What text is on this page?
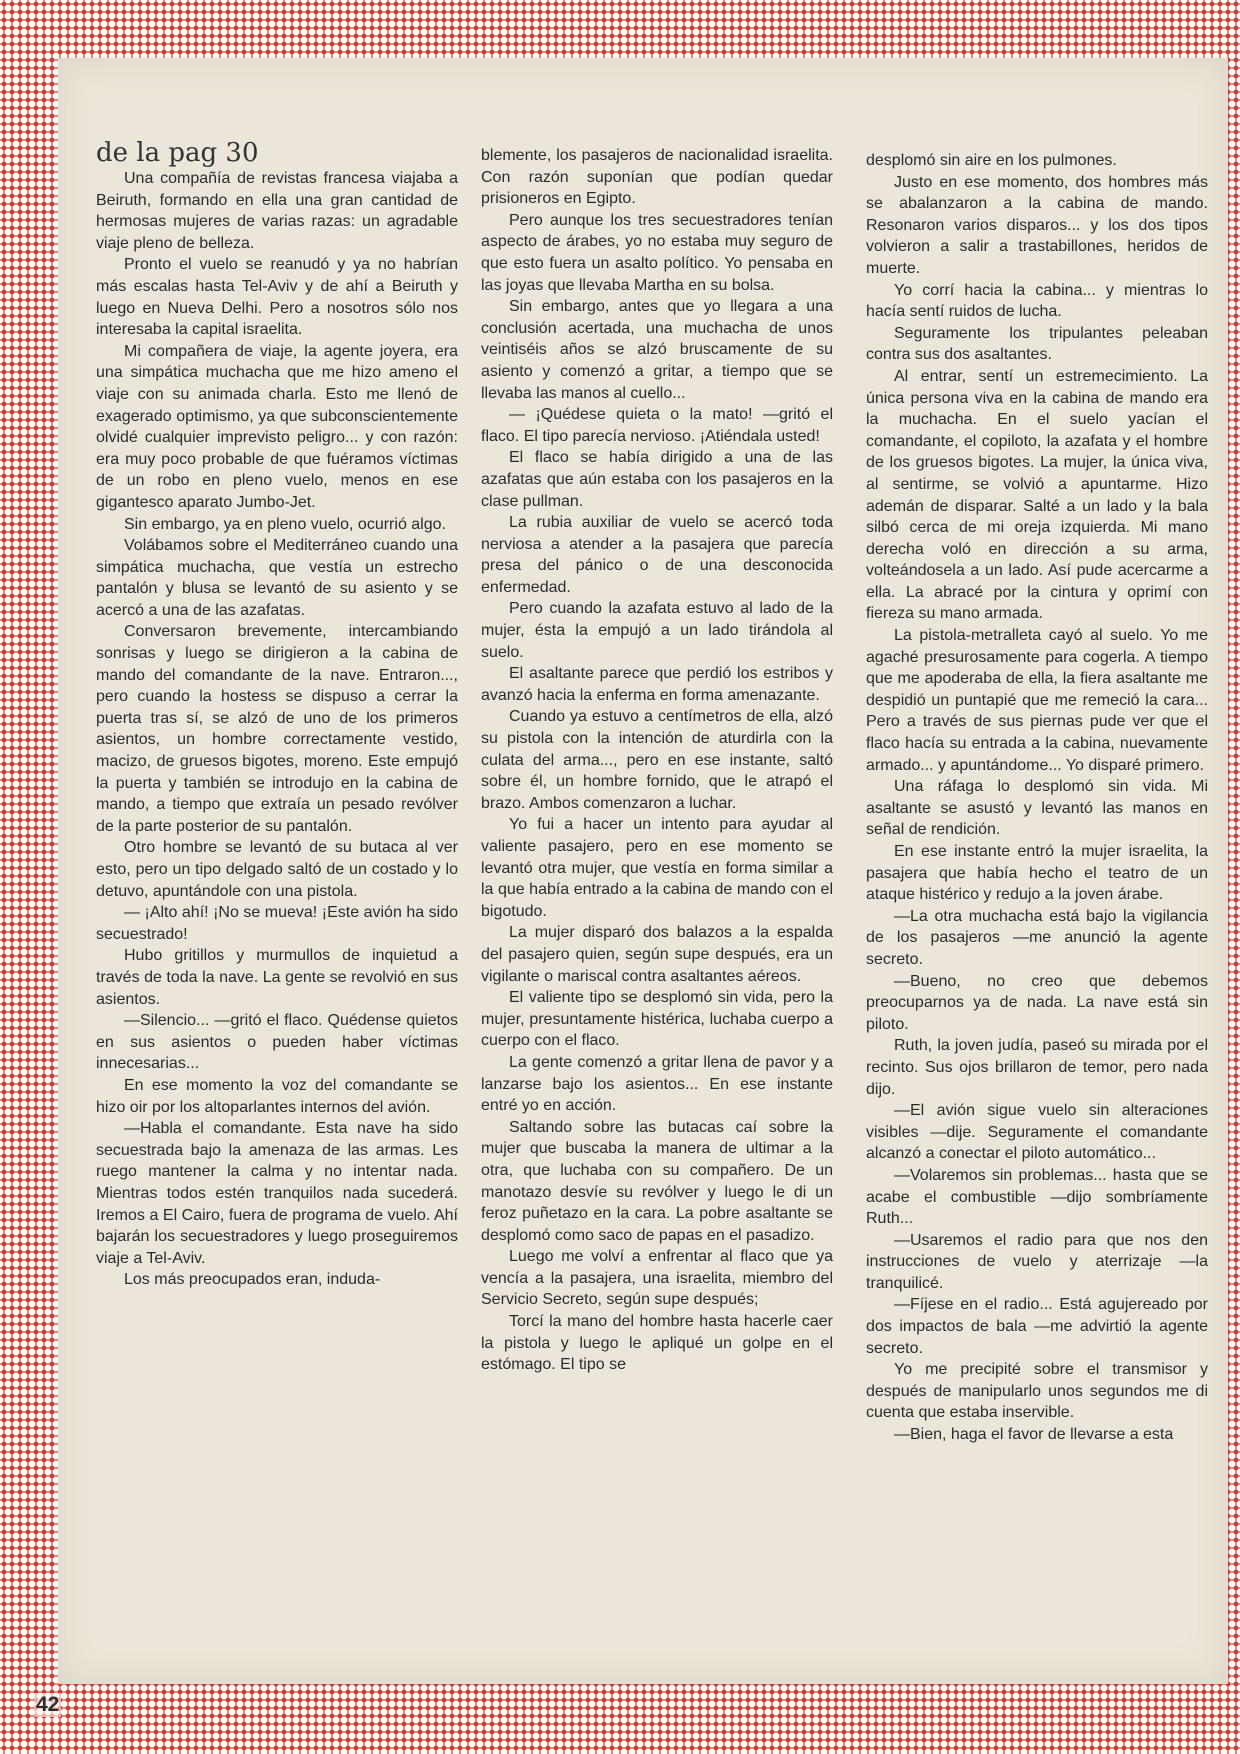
de la pag 30

Una compañía de revistas francesa viajaba a Beiruth, formando en ella una gran cantidad de hermosas mujeres de varias razas: un agradable viaje pleno de belleza.

Pronto el vuelo se reanudó y ya no habrían más escalas hasta Tel-Aviv y de ahí a Beiruth y luego en Nueva Delhi. Pero a nosotros sólo nos interesaba la capital israelita.

Mi compañera de viaje, la agente joyera, era una simpática muchacha que me hizo ameno el viaje con su animada charla. Esto me llenó de exagerado optimismo, ya que subconscientemente olvidé cualquier imprevisto peligro... y con razón: era muy poco probable de que fuéramos víctimas de un robo en pleno vuelo, menos en ese gigantesco aparato Jumbo-Jet.

Sin embargo, ya en pleno vuelo, ocurrió algo.

Volábamos sobre el Mediterráneo cuando una simpática muchacha, que vestía un estrecho pantalón y blusa se levantó de su asiento y se acercó a una de las azafatas.

Conversaron brevemente, intercambiando sonrisas y luego se dirigieron a la cabina de mando del comandante de la nave. Entraron..., pero cuando la hostess se dispuso a cerrar la puerta tras sí, se alzó de uno de los primeros asientos, un hombre correctamente vestido, macizo, de gruesos bigotes, moreno. Este empujó la puerta y también se introdujo en la cabina de mando, a tiempo que extraía un pesado revólver de la parte posterior de su pantalón.

Otro hombre se levantó de su butaca al ver esto, pero un tipo delgado saltó de un costado y lo detuvo, apuntándole con una pistola.

— ¡Alto ahí! ¡No se mueva! ¡Este avión ha sido secuestrado!

Hubo gritillos y murmullos de inquietud a través de toda la nave. La gente se revolvió en sus asientos.

—Silencio... —gritó el flaco. Quédense quietos en sus asientos o pueden haber víctimas innecesarias...

En ese momento la voz del comandante se hizo oir por los altoparlantes internos del avión.

—Habla el comandante. Esta nave ha sido secuestrada bajo la amenaza de las armas. Les ruego mantener la calma y no intentar nada. Mientras todos estén tranquilos nada sucederá. Iremos a El Cairo, fuera de programa de vuelo. Ahí bajarán los secuestradores y luego proseguiremos viaje a Tel-Aviv.

Los más preocupados eran, induda-

blemente, los pasajeros de nacionalidad israelita. Con razón suponían que podían quedar prisioneros en Egipto.

Pero aunque los tres secuestradores tenían aspecto de árabes, yo no estaba muy seguro de que esto fuera un asalto político. Yo pensaba en las joyas que llevaba Martha en su bolsa.

Sin embargo, antes que yo llegara a una conclusión acertada, una muchacha de unos veintiséis años se alzó bruscamente de su asiento y comenzó a gritar, a tiempo que se llevaba las manos al cuello...

— ¡Quédese quieta o la mato! —gritó el flaco. El tipo parecía nervioso. ¡Atiéndala usted!

El flaco se había dirigido a una de las azafatas que aún estaba con los pasajeros en la clase pullman.

La rubia auxiliar de vuelo se acercó toda nerviosa a atender a la pasajera que parecía presa del pánico o de una desconocida enfermedad.

Pero cuando la azafata estuvo al lado de la mujer, ésta la empujó a un lado tirándola al suelo.

El asaltante parece que perdió los estribos y avanzó hacia la enferma en forma amenazante.

Cuando ya estuvo a centímetros de ella, alzó su pistola con la intención de aturdirla con la culata del arma..., pero en ese instante, saltó sobre él, un hombre fornido, que le atrapó el brazo. Ambos comenzaron a luchar.

Yo fui a hacer un intento para ayudar al valiente pasajero, pero en ese momento se levantó otra mujer, que vestía en forma similar a la que había entrado a la cabina de mando con el bigotudo.

La mujer disparó dos balazos a la espalda del pasajero quien, según supe después, era un vigilante o mariscal contra asaltantes aéreos.

El valiente tipo se desplomó sin vida, pero la mujer, presuntamente histérica, luchaba cuerpo a cuerpo con el flaco.

La gente comenzó a gritar llena de pavor y a lanzarse bajo los asientos... En ese instante entré yo en acción.

Saltando sobre las butacas caí sobre la mujer que buscaba la manera de ultimar a la otra, que luchaba con su compañero. De un manotazo desvíe su revólver y luego le di un feroz puñetazo en la cara. La pobre asaltante se desplomó como saco de papas en el pasadizo.

Luego me volví a enfrentar al flaco que ya vencía a la pasajera, una israelita, miembro del Servicio Secreto, según supe después;

Torcí la mano del hombre hasta hacerle caer la pistola y luego le apliqué un golpe en el estómago. El tipo se

desplomó sin aire en los pulmones.

Justo en ese momento, dos hombres más se abalanzaron a la cabina de mando. Resonaron varios disparos... y los dos tipos volvieron a salir a trastabillones, heridos de muerte.

Yo corrí hacia la cabina... y mientras lo hacía sentí ruidos de lucha.

Seguramente los tripulantes peleaban contra sus dos asaltantes.

Al entrar, sentí un estremecimiento. La única persona viva en la cabina de mando era la muchacha. En el suelo yacían el comandante, el copiloto, la azafata y el hombre de los gruesos bigotes. La mujer, la única viva, al sentirme, se volvió a apuntarme. Hizo ademán de disparar. Salté a un lado y la bala silbó cerca de mi oreja izquierda. Mi mano derecha voló en dirección a su arma, volteándosela a un lado. Así pude acercarme a ella. La abracé por la cintura y oprimí con fiereza su mano armada.

La pistola-metralleta cayó al suelo. Yo me agaché presurosamente para cogerla. A tiempo que me apoderaba de ella, la fiera asaltante me despidió un puntapié que me remeció la cara... Pero a través de sus piernas pude ver que el flaco hacía su entrada a la cabina, nuevamente armado... y apuntándome... Yo disparé primero.

Una ráfaga lo desplomó sin vida. Mi asaltante se asustó y levantó las manos en señal de rendición.

En ese instante entró la mujer israelita, la pasajera que había hecho el teatro de un ataque histérico y redujo a la joven árabe.

—La otra muchacha está bajo la vigilancia de los pasajeros —me anunció la agente secreto.

—Bueno, no creo que debemos preocuparnos ya de nada. La nave está sin piloto.

Ruth, la joven judía, paseó su mirada por el recinto. Sus ojos brillaron de temor, pero nada dijo.

—El avión sigue vuelo sin alteraciones visibles —dije. Seguramente el comandante alcanzó a conectar el piloto automático...

—Volaremos sin problemas... hasta que se acabe el combustible —dijo sombríamente Ruth...

—Usaremos el radio para que nos den instrucciones de vuelo y aterrizaje —la tranquilicé.

—Fíjese en el radio... Está agujereado por dos impactos de bala —me advirtió la agente secreto.

Yo me precipité sobre el transmisor y después de manipularlo unos segundos me di cuenta que estaba inservible.

—Bien, haga el favor de llevarse a esta

42
